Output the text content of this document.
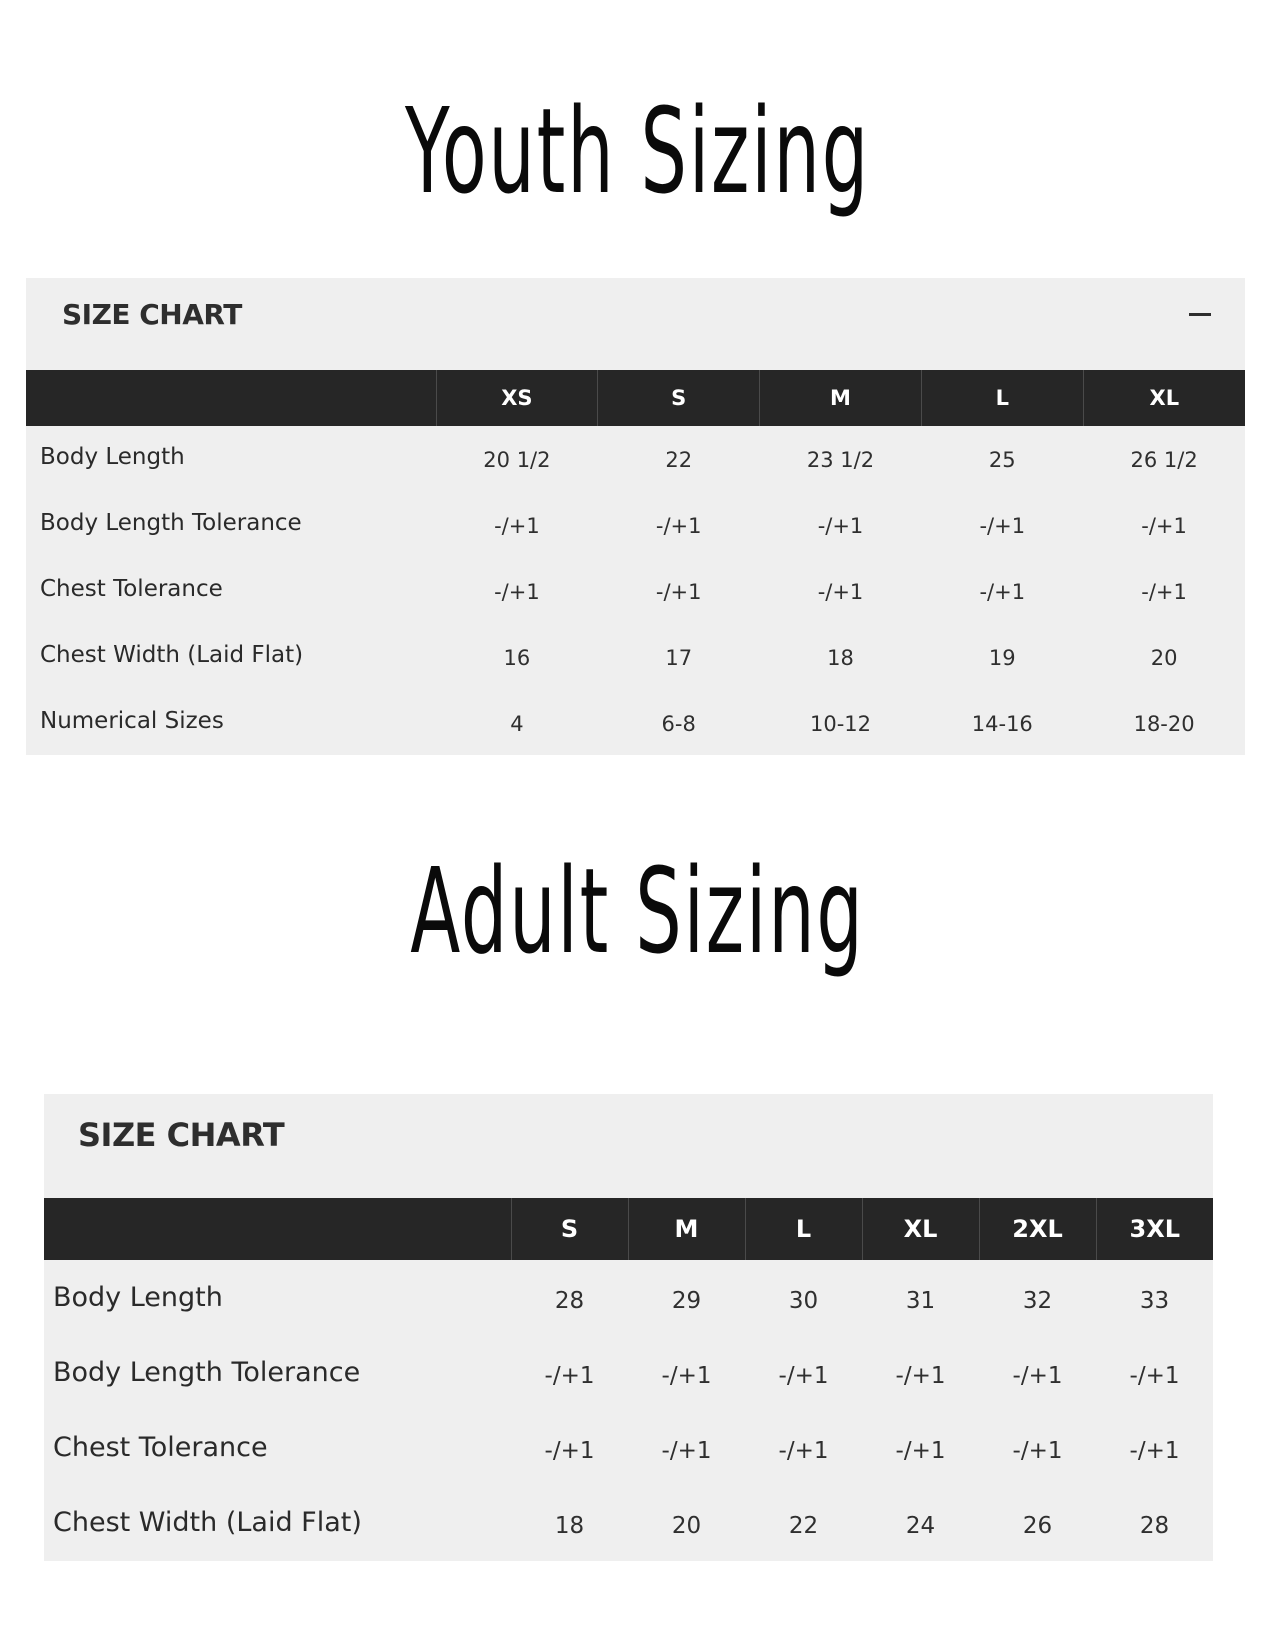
Youth Sizing
SIZE CHART
	XS	S	M	L	XL
Body Length	20 1/2	22	23 1/2	25	26 1/2
Body Length Tolerance	-/+1	-/+1	-/+1	-/+1	-/+1
Chest Tolerance	-/+1	-/+1	-/+1	-/+1	-/+1
Chest Width (Laid Flat)	16	17	18	19	20
Numerical Sizes	4	6-8	10-12	14-16	18-20
Adult Sizing
SIZE CHART
	S	M	L	XL	2XL	3XL
Body Length	28	29	30	31	32	33
Body Length Tolerance	-/+1	-/+1	-/+1	-/+1	-/+1	-/+1
Chest Tolerance	-/+1	-/+1	-/+1	-/+1	-/+1	-/+1
Chest Width (Laid Flat)	18	20	22	24	26	28
